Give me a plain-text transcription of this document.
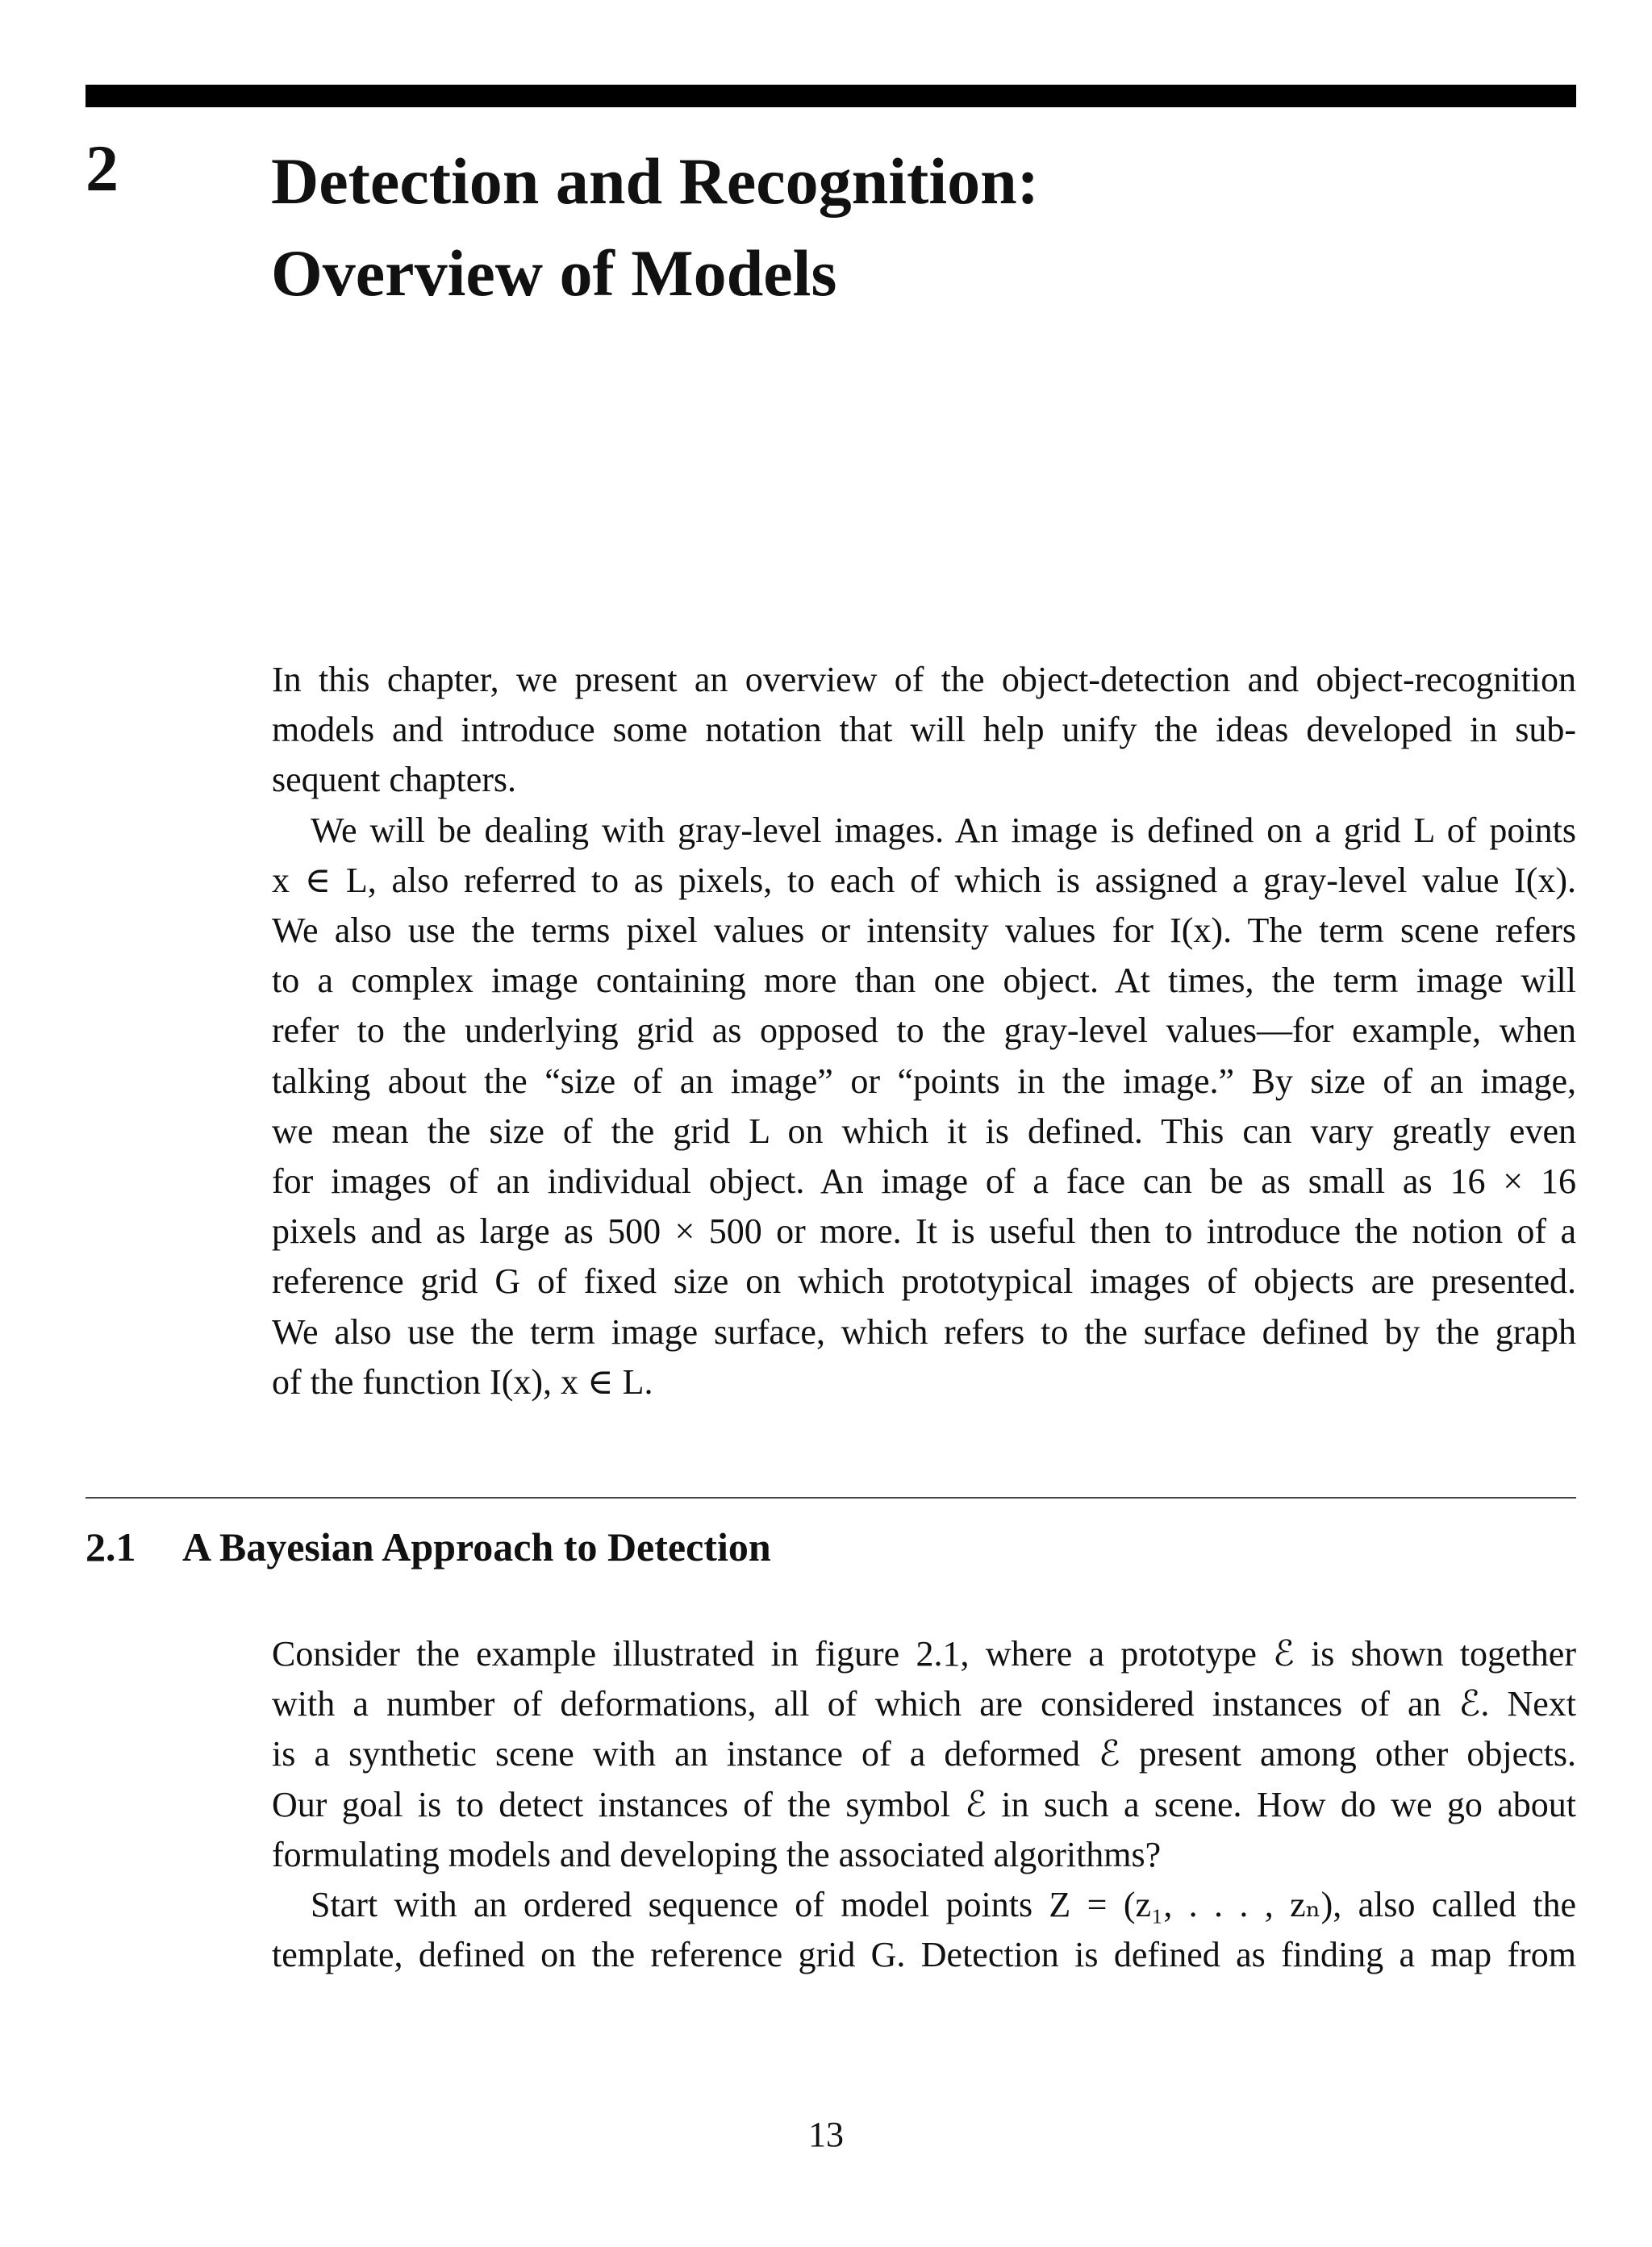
2 Detection and Recognition:
Overview of Models

In this chapter, we present an overview of the object-detection and object-recognition
models and introduce some notation that will help unify the ideas developed in sub-
sequent chapters.

We will be dealing with gray-level images. An image is defined on a grid L of points
x ∈ L, also referred to as pixels, to each of which is assigned a gray-level value I(x).
We also use the terms pixel values or intensity values for I(x). The term scene refers
to a complex image containing more than one object. At times, the term image will
refer to the underlying grid as opposed to the gray-level values—for example, when
talking about the “size of an image” or “points in the image.” By size of an image,
we mean the size of the grid L on which it is defined. This can vary greatly even
for images of an individual object. An image of a face can be as small as 16 × 16
pixels and as large as 500 × 500 or more. It is useful then to introduce the notion of a
reference grid G of fixed size on which prototypical images of objects are presented.
We also use the term image surface, which refers to the surface defined by the graph
of the function I(x), x ∈ L.

2.1 A Bayesian Approach to Detection

Consider the example illustrated in figure 2.1, where a prototype ℰ is shown together
with a number of deformations, all of which are considered instances of an ℰ. Next
is a synthetic scene with an instance of a deformed ℰ present among other objects.
Our goal is to detect instances of the symbol ℰ in such a scene. How do we go about
formulating models and developing the associated algorithms?

Start with an ordered sequence of model points Z = (z₁, . . . , zₙ), also called the
template, defined on the reference grid G. Detection is defined as finding a map from

13
